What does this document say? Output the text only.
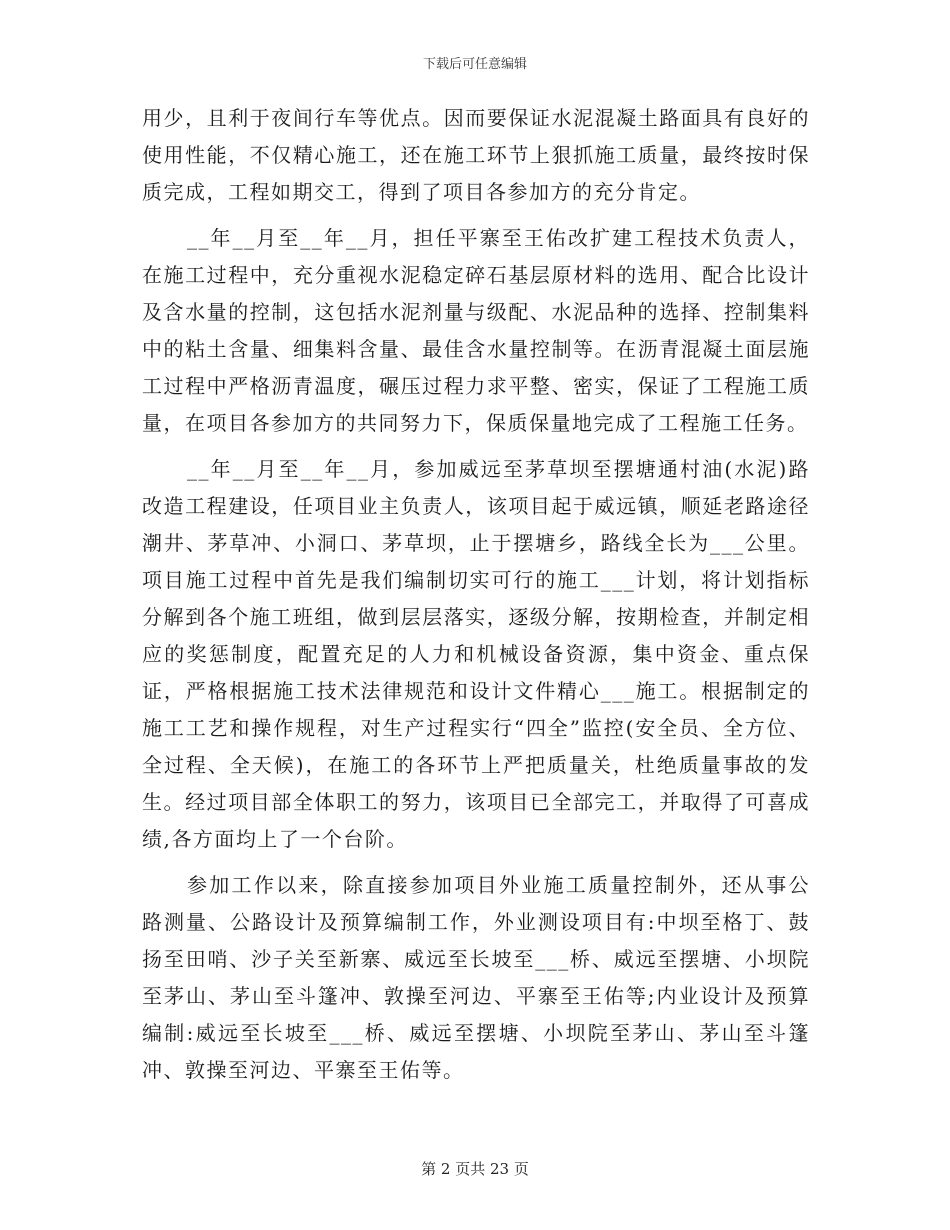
下载后可任意编辑

用少，且利于夜间行车等优点。因而要保证水泥混凝土路面具有良好的使用性能，不仅精心施工，还在施工环节上狠抓施工质量，最终按时保质完成，工程如期交工，得到了项目各参加方的充分肯定。

__年__月至__年__月，担任平寨至王佑改扩建工程技术负责人，在施工过程中，充分重视水泥稳定碎石基层原材料的选用、配合比设计及含水量的控制，这包括水泥剂量与级配、水泥品种的选择、控制集料中的粘土含量、细集料含量、最佳含水量控制等。在沥青混凝土面层施工过程中严格沥青温度，碾压过程力求平整、密实，保证了工程施工质量，在项目各参加方的共同努力下，保质保量地完成了工程施工任务。

__年__月至__年__月，参加威远至茅草坝至摆塘通村油(水泥)路改造工程建设，任项目业主负责人，该项目起于威远镇，顺延老路途径潮井、茅草冲、小洞口、茅草坝，止于摆塘乡，路线全长为___公里。项目施工过程中首先是我们编制切实可行的施工___计划，将计划指标分解到各个施工班组，做到层层落实，逐级分解，按期检查，并制定相应的奖惩制度，配置充足的人力和机械设备资源，集中资金、重点保证，严格根据施工技术法律规范和设计文件精心___施工。根据制定的施工工艺和操作规程，对生产过程实行“四全”监控(安全员、全方位、全过程、全天候)，在施工的各环节上严把质量关，杜绝质量事故的发生。经过项目部全体职工的努力，该项目已全部完工，并取得了可喜成绩,各方面均上了一个台阶。

参加工作以来，除直接参加项目外业施工质量控制外，还从事公路测量、公路设计及预算编制工作，外业测设项目有:中坝至格丁、鼓扬至田哨、沙子关至新寨、威远至长坡至___桥、威远至摆塘、小坝院至茅山、茅山至斗篷冲、敦操至河边、平寨至王佑等;内业设计及预算编制:威远至长坡至___桥、威远至摆塘、小坝院至茅山、茅山至斗篷冲、敦操至河边、平寨至王佑等。

第 2 页共 23 页
